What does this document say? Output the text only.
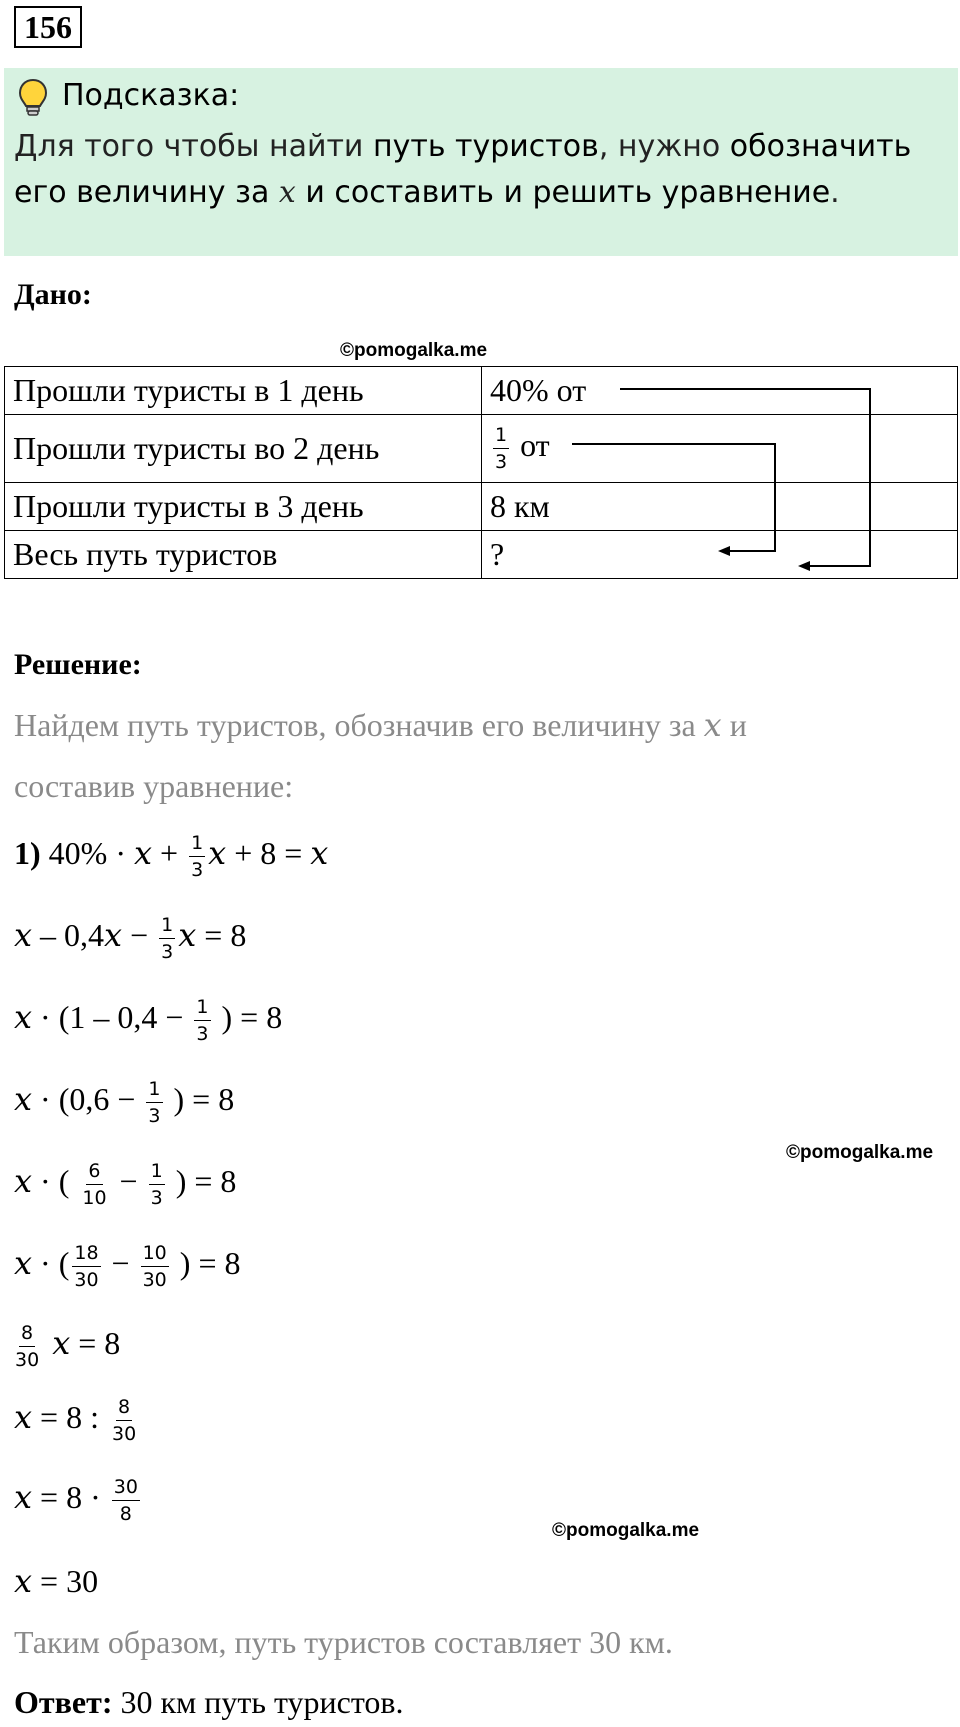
156
Подсказка:
Для того чтобы найти путь туристов, нужно обозначить его величину за x и составить и решить уравнение.
Дано:
©pomogalka.me
Прошли туристы в 1 день	40% от
Прошли туристы во 2 день	$\frac{1}{3}$ от
Прошли туристы в 3 день	8 км
Весь путь туристов	?
Решение:
Найдем путь туристов, обозначив его величину за x и
составив уравнение:
1) $40\% \cdot x + \frac{1}{3}$ x + 8 = x
$x - 0,4x - \frac{1}{3}$ x = 8
$x \cdot (1 - 0,4 - \frac{1}{3}$ ) = 8
$x \cdot (0,6 - \frac{1}{3}$ ) = 8
x · ( $\frac{6}{10} - \frac{1}{3}$ ) = 8
x · ( $\frac{18}{30} - \frac{10}{30}$ ) = 8
$\frac{8}{30}$ x = 8
x = 8 : $\frac{8}{30}$
$x = 8 \cdot \frac{30}{8}$
x = 30
Таким образом, путь туристов составляет 30 км.
Ответ: 30 км путь туристов.
©pomogalka.me
©pomogalka.me
